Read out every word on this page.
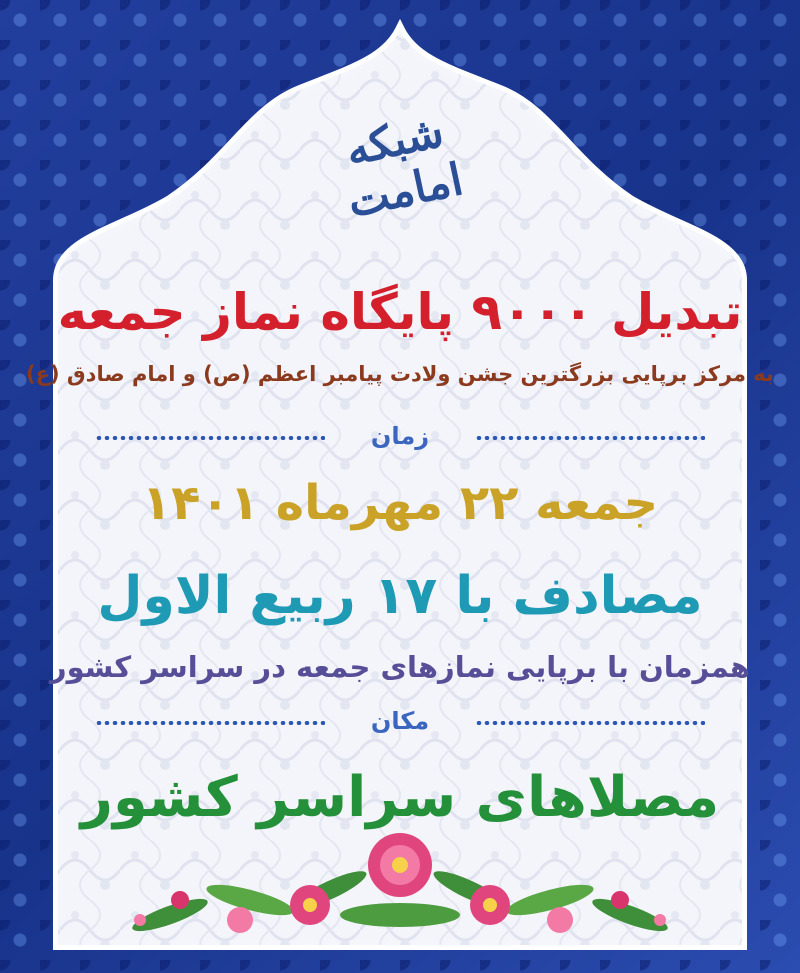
شبکه امامت
تبدیل ۹۰۰۰ پایگاه نماز جمعه
به مرکز برپایی بزرگترین جشن ولادت پیامبر اعظم (ص) و امام صادق (ع)
زمان
جمعه ۲۲ مهرماه ۱۴۰۱
مصادف با ۱۷ ربیع الاول
همزمان با برپایی نمازهای جمعه در سراسر کشور
مکان
مصلاهای سراسر کشور
